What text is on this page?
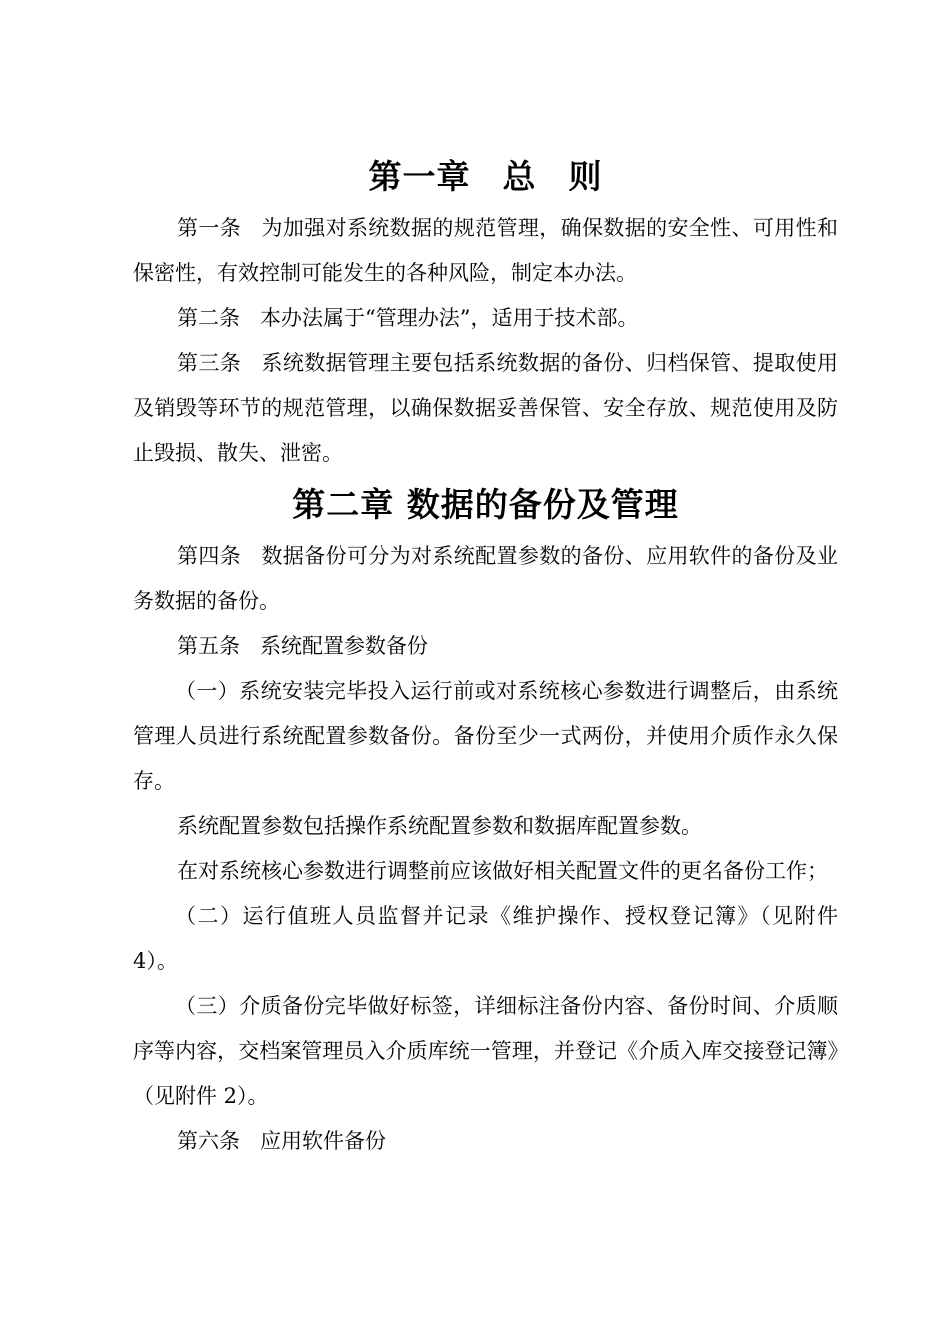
第一章 总 则

第一条 为加强对系统数据的规范管理，确保数据的安全性、可用性和保密性，有效控制可能发生的各种风险，制定本办法。

第二条 本办法属于“管理办法”，适用于技术部。

第三条 系统数据管理主要包括系统数据的备份、归档保管、提取使用及销毁等环节的规范管理，以确保数据妥善保管、安全存放、规范使用及防止毁损、散失、泄密。

第二章 数据的备份及管理

第四条 数据备份可分为对系统配置参数的备份、应用软件的备份及业务数据的备份。

第五条 系统配置参数备份

（一）系统安装完毕投入运行前或对系统核心参数进行调整后，由系统管理人员进行系统配置参数备份。备份至少一式两份，并使用介质作永久保存。

系统配置参数包括操作系统配置参数和数据库配置参数。

在对系统核心参数进行调整前应该做好相关配置文件的更名备份工作；

（二）运行值班人员监督并记录《维护操作、授权登记簿》（见附件 4）。

（三）介质备份完毕做好标签，详细标注备份内容、备份时间、介质顺序等内容，交档案管理员入介质库统一管理，并登记《介质入库交接登记簿》（见附件 2）。

第六条 应用软件备份
